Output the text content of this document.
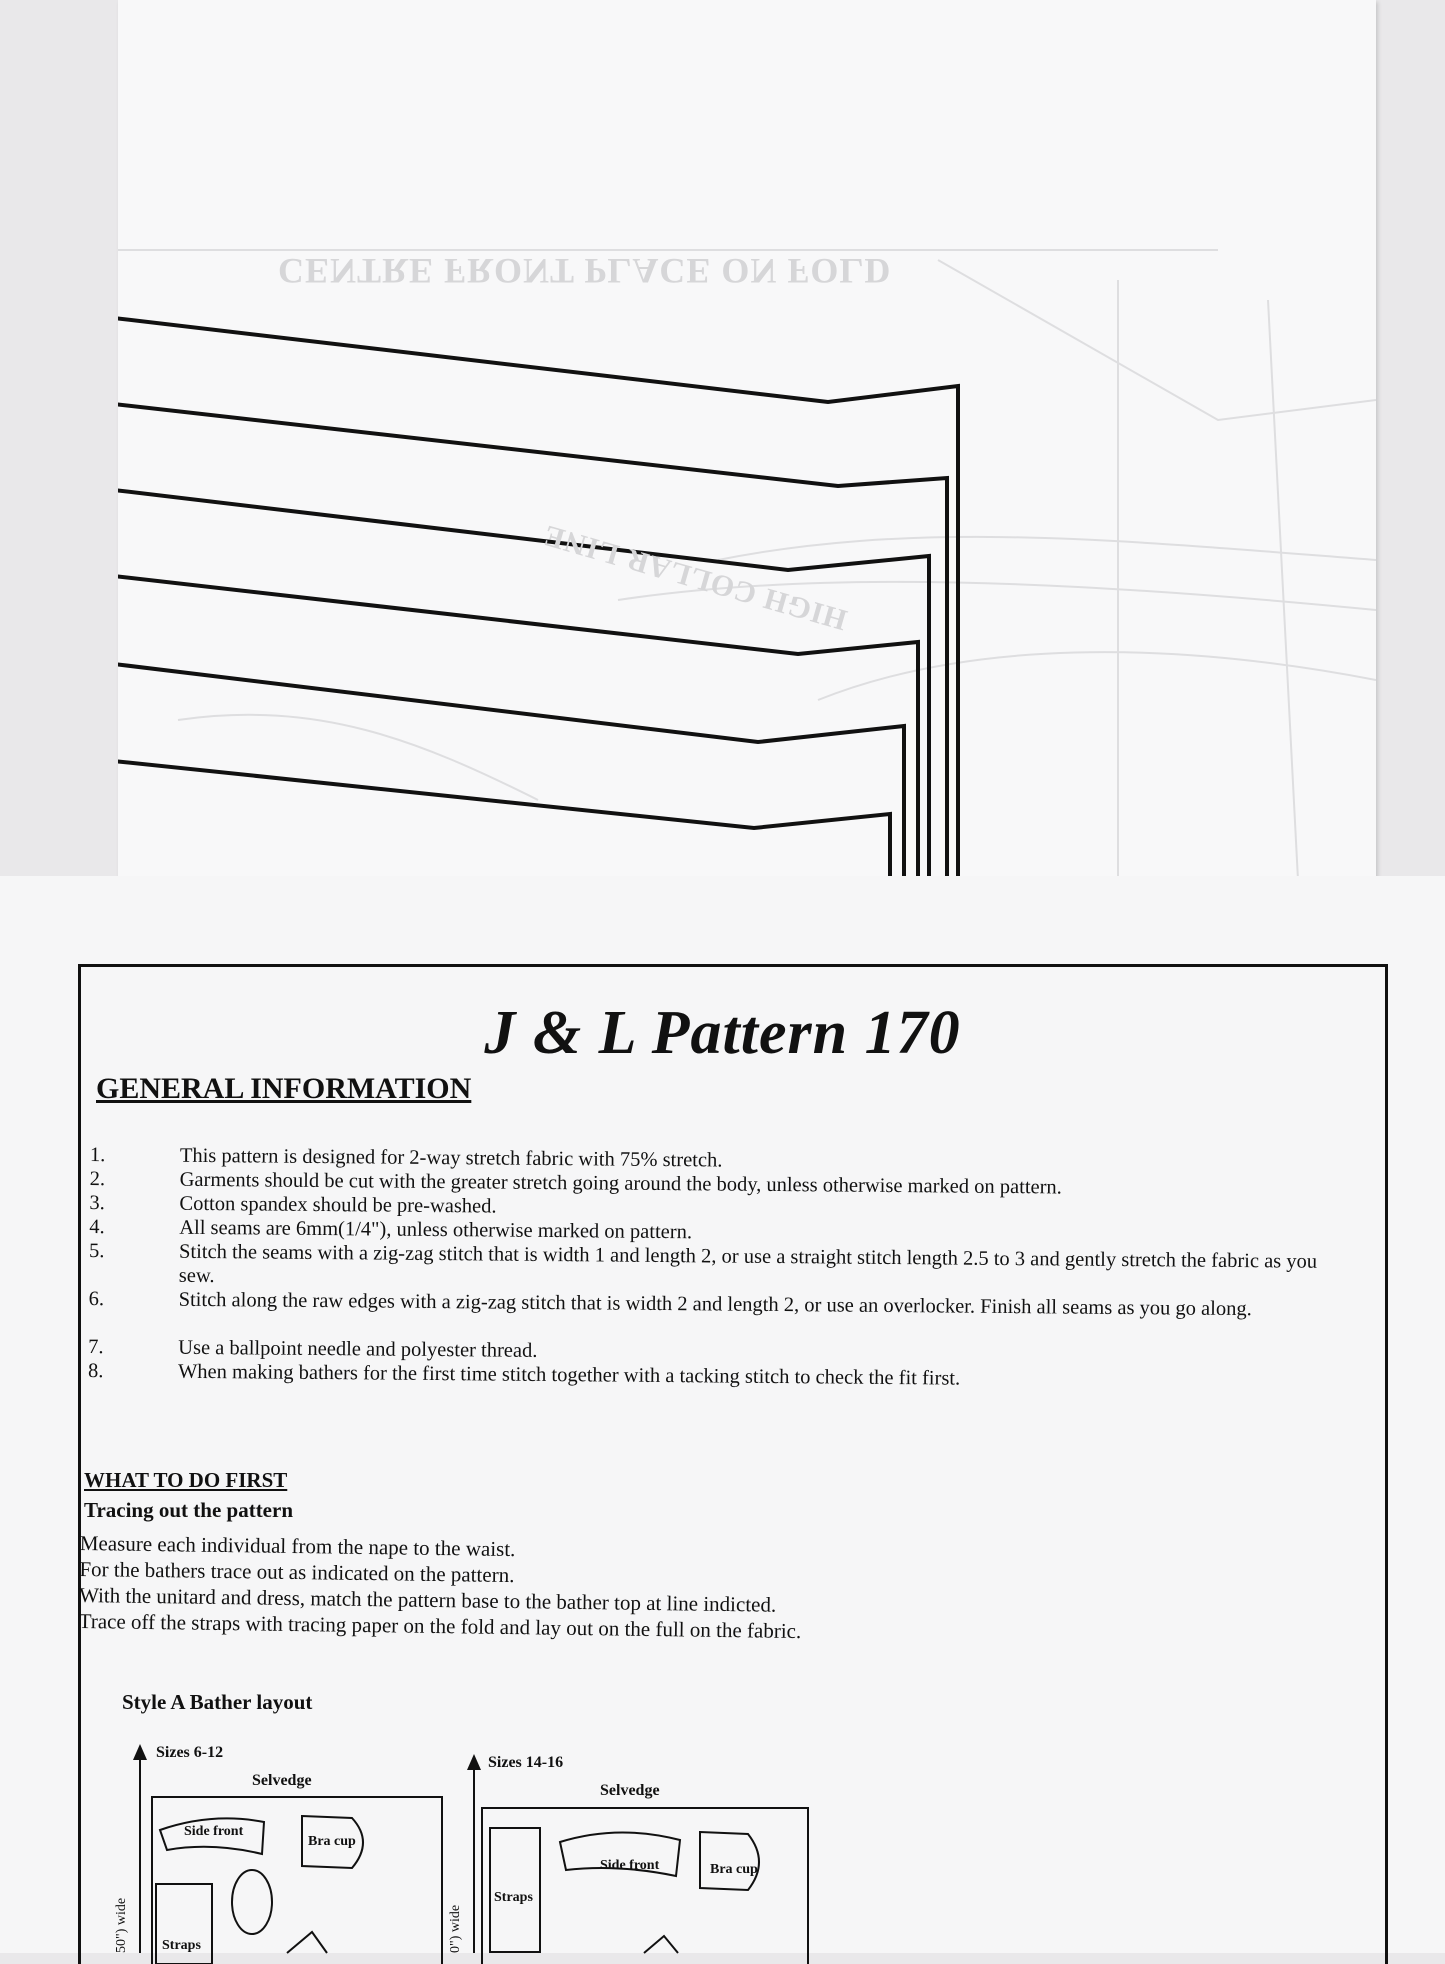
CENTRE FRONT PLACE ON FOLD
HIGH COLLAR LINE
J & L Pattern 170
GENERAL INFORMATION
1.	This pattern is designed for 2-way stretch fabric with 75% stretch.
2.	Garments should be cut with the greater stretch going around the body, unless otherwise marked on pattern.
3.	Cotton spandex should be pre-washed.
4.	All seams are 6mm(1/4"), unless otherwise marked on pattern.
5.	Stitch the seams with a zig-zag stitch that is width 1 and length 2, or use a straight stitch length 2.5 to 3 and gently stretch the fabric as you sew.
6.	Stitch along the raw edges with a zig-zag stitch that is width 2 and length 2, or use an overlocker. Finish all seams as you go along.
7.	Use a ballpoint needle and polyester thread.
8.	When making bathers for the first time stitch together with a tacking stitch to check the fit first.
WHAT TO DO FIRST
Tracing out the pattern
Measure each individual from the nape to the waist.
For the bathers trace out as indicated on the pattern.
With the unitard and dress, match the pattern base to the bather top at line indicted.
Trace off the straps with tracing paper on the fold and lay out on the full on the fabric.
Style A Bather layout
Sizes 6-12
Selvedge
Side front
Bra cup
Straps
50") wide
Sizes 14-16
Selvedge
Side front	Bra cup
Straps
0") wide
